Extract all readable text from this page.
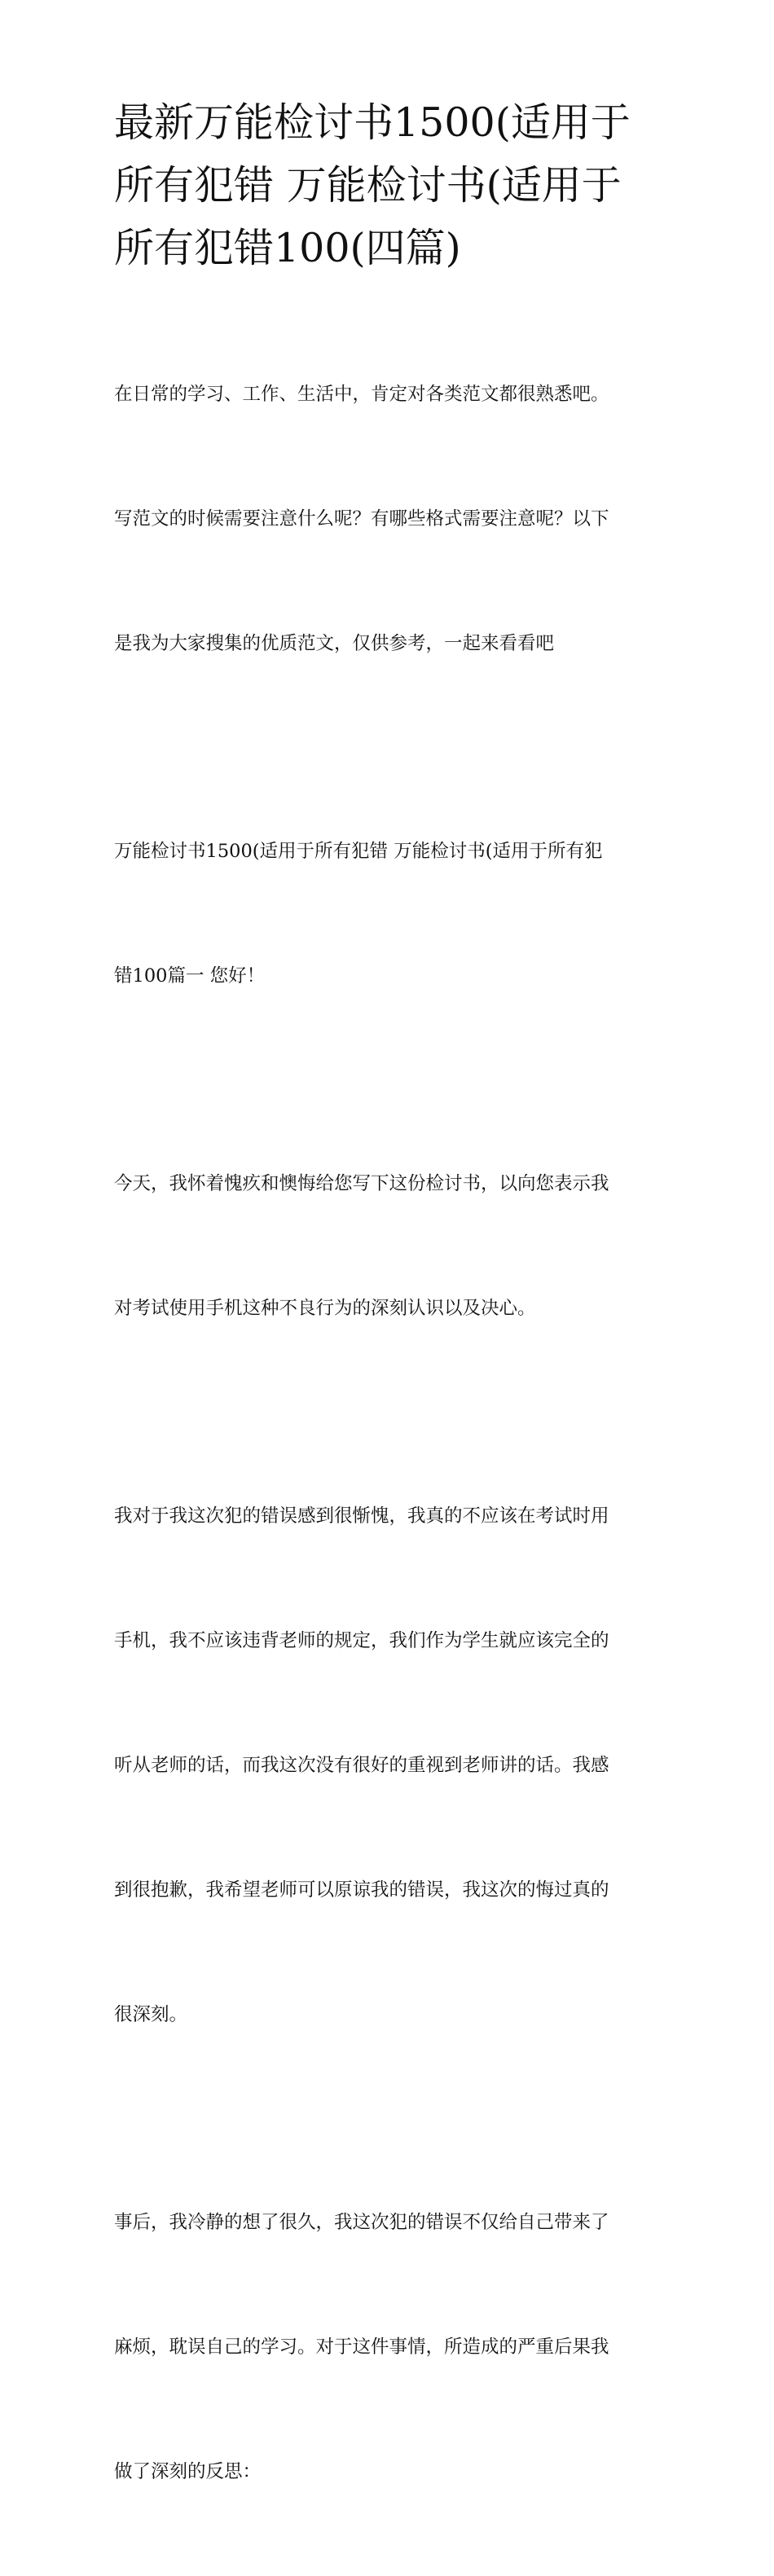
最新万能检讨书1500(适用于
所有犯错 万能检讨书(适用于
所有犯错100(四篇)

在日常的学习、工作、生活中，肯定对各类范文都很熟悉吧。

写范文的时候需要注意什么呢？有哪些格式需要注意呢？以下

是我为大家搜集的优质范文，仅供参考，一起来看看吧

万能检讨书1500(适用于所有犯错 万能检讨书(适用于所有犯

错100篇一 您好！

今天，我怀着愧疚和懊悔给您写下这份检讨书，以向您表示我

对考试使用手机这种不良行为的深刻认识以及决心。

我对于我这次犯的错误感到很惭愧，我真的不应该在考试时用

手机，我不应该违背老师的规定，我们作为学生就应该完全的

听从老师的话，而我这次没有很好的重视到老师讲的话。我感

到很抱歉，我希望老师可以原谅我的错误，我这次的悔过真的

很深刻。

事后，我冷静的想了很久，我这次犯的错误不仅给自己带来了

麻烦，耽误自己的学习。对于这件事情，所造成的严重后果我

做了深刻的反思：
